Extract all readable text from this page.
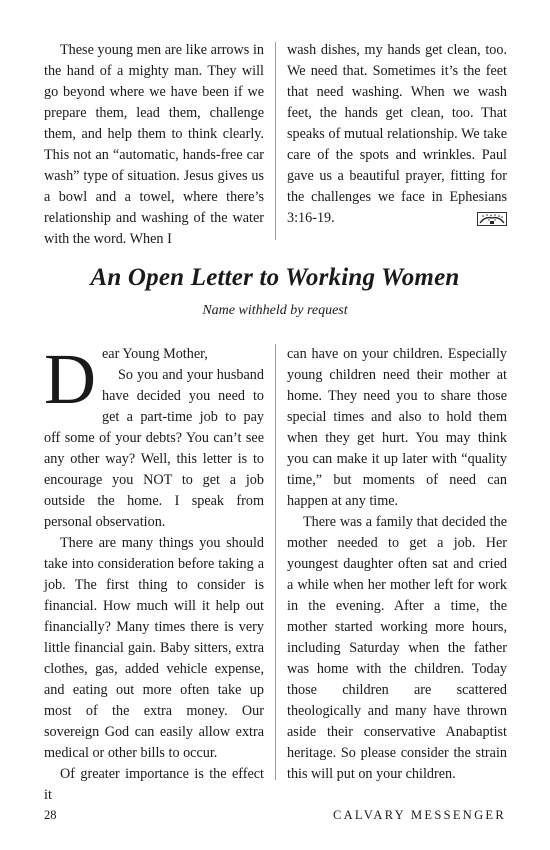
These young men are like arrows in the hand of a mighty man. They will go beyond where we have been if we prepare them, lead them, challenge them, and help them to think clearly. This not an “automatic, hands-free car wash” type of situation. Jesus gives us a bowl and a towel, where there’s relationship and washing of the water with the word. When I

wash dishes, my hands get clean, too. We need that. Sometimes it’s the feet that need washing. When we wash feet, the hands get clean, too. That speaks of mutual relationship. We take care of the spots and wrinkles. Paul gave us a beautiful prayer, fitting for the challenges we face in Ephesians 3:16-19.

An Open Letter to Working Women
Name withheld by request
D ear Young Mother,

So you and your husband have decided you need to get a part-time job to pay off some of your debts? You can’t see any other way? Well, this letter is to encourage you NOT to get a job outside the home. I speak from personal observation.

There are many things you should take into consideration before taking a job. The first thing to consider is financial. How much will it help out financially? Many times there is very little financial gain. Baby sitters, extra clothes, gas, added vehicle expense, and eating out more often take up most of the extra money. Our sovereign God can easily allow extra medical or other bills to occur.

Of greater importance is the effect it

can have on your children. Especially young children need their mother at home. They need you to share those special times and also to hold them when they get hurt. You may think you can make it up later with “quality time,” but moments of need can happen at any time.

There was a family that decided the mother needed to get a job. Her youngest daughter often sat and cried a while when her mother left for work in the evening. After a time, the mother started working more hours, including Saturday when the father was home with the children. Today those children are scattered theologically and many have thrown aside their conservative Anabaptist heritage. So please consider the strain this will put on your children.

28	CALVARY MESSENGER
